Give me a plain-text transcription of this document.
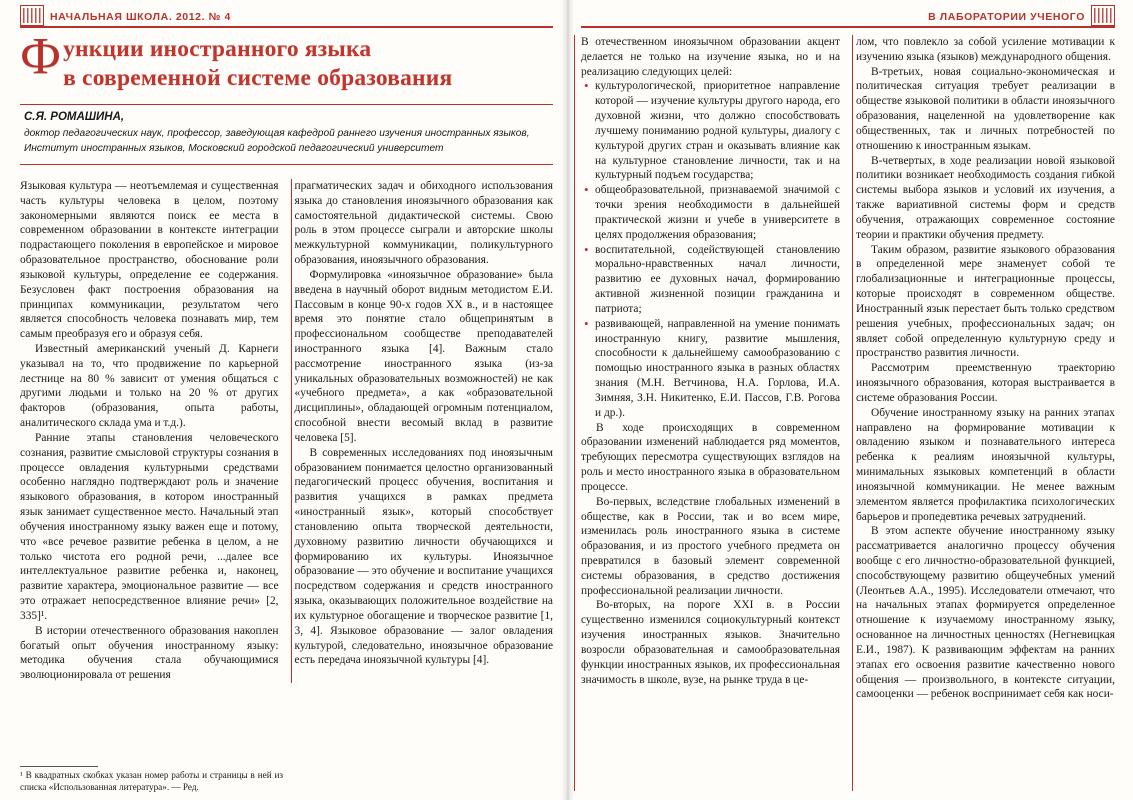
НАЧАЛЬНАЯ ШКОЛА. 2012. № 4
Ф ункции иностранного языка
в современной системе образования
С.Я. РОМАШИНА,
доктор педагогических наук, профессор, заведующая кафедрой раннего изучения иностранных языков, Институт иностранных языков, Московский городской педагогический университет

Языковая культура — неотъемлемая и существенная часть культуры человека в целом, поэтому закономерными являются поиск ее места в современном образовании в контексте интеграции подрастающего поколения в европейское и мировое образовательное пространство, обоснование роли языковой культуры, определение ее содержания. Безусловен факт построения образования на принципах коммуникации, результатом чего является способность человека познавать мир, тем самым преобразуя его и образуя себя.

Известный американский ученый Д. Карнеги указывал на то, что продвижение по карьерной лестнице на 80 % зависит от умения общаться с другими людьми и только на 20 % от других факторов (образования, опыта работы, аналитического склада ума и т.д.).

Ранние этапы становления человеческого сознания, развитие смысловой структуры сознания в процессе овладения культурными средствами особенно наглядно подтверждают роль и значение языкового образования, в котором иностранный язык занимает существенное место. Начальный этап обучения иностранному языку важен еще и потому, что «все речевое развитие ребенка в целом, а не только чистота его родной речи, ...далее все интеллектуальное развитие ребенка и, наконец, развитие характера, эмоциональное развитие — все это отражает непосредственное влияние речи» [2, 335]¹.

В истории отечественного образования накоплен богатый опыт обучения иностранному языку: методика обучения стала обучающимися эволюционировала от решения

прагматических задач и обиходного использования языка до становления иноязычного образования как самостоятельной дидактической системы. Свою роль в этом процессе сыграли и авторские школы межкультурной коммуникации, поликультурного образования, иноязычного образования.

Формулировка «иноязычное образование» была введена в научный оборот видным методистом Е.И. Пассовым в конце 90-х годов XX в., и в настоящее время это понятие стало общепринятым в профессиональном сообществе преподавателей иностранного языка [4]. Важным стало рассмотрение иностранного языка (из-за уникальных образовательных возможностей) не как «учебного предмета», а как «образовательной дисциплины», обладающей огромным потенциалом, способной внести весомый вклад в развитие человека [5].

В современных исследованиях под иноязычным образованием понимается целостно организованный педагогический процесс обучения, воспитания и развития учащихся в рамках предмета «иностранный язык», который способствует становлению опыта творческой деятельности, духовному развитию личности обучающихся и формированию их культуры. Иноязычное образование — это обучение и воспитание учащихся посредством содержания и средств иностранного языка, оказывающих положительное воздействие на их культурное обогащение и творческое развитие [1, 3, 4]. Языковое образование — залог овладения культурой, следовательно, иноязычное образование есть передача иноязычной культуры [4].

¹ В квадратных скобках указан номер работы и страницы в ней из списка «Использованная литература». — Ред.
В ЛАБОРАТОРИИ УЧЕНОГО

В отечественном иноязычном образовании акцент делается не только на изучение языка, но и на реализацию следующих целей:

• культурологической, приоритетное направление которой — изучение культуры другого народа, его духовной жизни, что должно способствовать лучшему пониманию родной культуры, диалогу с культурой других стран и оказывать влияние как на культурное становление личности, так и на культурный подъем государства;
• общеобразовательной, признаваемой значимой с точки зрения необходимости в дальнейшей практической жизни и учебе в университете в целях продолжения образования;
• воспитательной, содействующей становлению морально-нравственных начал личности, развитию ее духовных начал, формированию активной жизненной позиции гражданина и патриота;
• развивающей, направленной на умение понимать иностранную книгу, развитие мышления, способности к дальнейшему самообразованию с помощью иностранного языка в разных областях знания (М.Н. Ветчинова, Н.А. Горлова, И.А. Зимняя, З.Н. Никитенко, Е.И. Пассов, Г.В. Рогова и др.).

В ходе происходящих в современном образовании изменений наблюдается ряд моментов, требующих пересмотра существующих взглядов на роль и место иностранного языка в образовательном процессе.

Во-первых, вследствие глобальных изменений в обществе, как в России, так и во всем мире, изменилась роль иностранного языка в системе образования, и из простого учебного предмета он превратился в базовый элемент современной системы образования, в средство достижения профессиональной реализации личности.

Во-вторых, на пороге XXI в. в России существенно изменился социокультурный контекст изучения иностранных языков. Значительно возросли образовательная и самообразовательная функции иностранных языков, их профессиональная значимость в школе, вузе, на рынке труда в це-

лом, что повлекло за собой усиление мотивации к изучению языка (языков) международного общения.

В-третьих, новая социально-экономическая и политическая ситуация требует реализации в обществе языковой политики в области иноязычного образования, нацеленной на удовлетворение как общественных, так и личных потребностей по отношению к иностранным языкам.

В-четвертых, в ходе реализации новой языковой политики возникает необходимость создания гибкой системы выбора языков и условий их изучения, а также вариативной системы форм и средств обучения, отражающих современное состояние теории и практики обучения предмету.

Таким образом, развитие языкового образования в определенной мере знаменует собой те глобализационные и интеграционные процессы, которые происходят в современном обществе. Иностранный язык перестает быть только средством решения учебных, профессиональных задач; он являет собой определенную культурную среду и пространство развития личности.

Рассмотрим преемственную траекторию иноязычного образования, которая выстраивается в системе образования России.

Обучение иностранному языку на ранних этапах направлено на формирование мотивации к овладению языком и познавательного интереса ребенка к реалиям иноязычной культуры, минимальных языковых компетенций в области иноязычной коммуникации. Не менее важным элементом является профилактика психологических барьеров и пропедевтика речевых затруднений.

В этом аспекте обучение иностранному языку рассматривается аналогично процессу обучения вообще с его личностно-образовательной функцией, способствующему развитию общеучебных умений (Леонтьев А.А., 1995). Исследователи отмечают, что на начальных этапах формируется определенное отношение к изучаемому иностранному языку, основанное на личностных ценностях (Негневицкая Е.И., 1987). К развивающим эффектам на ранних этапах его освоения развитие качественно нового общения — произвольного, в контексте ситуации, самооценки — ребенок воспринимает себя как носи-
